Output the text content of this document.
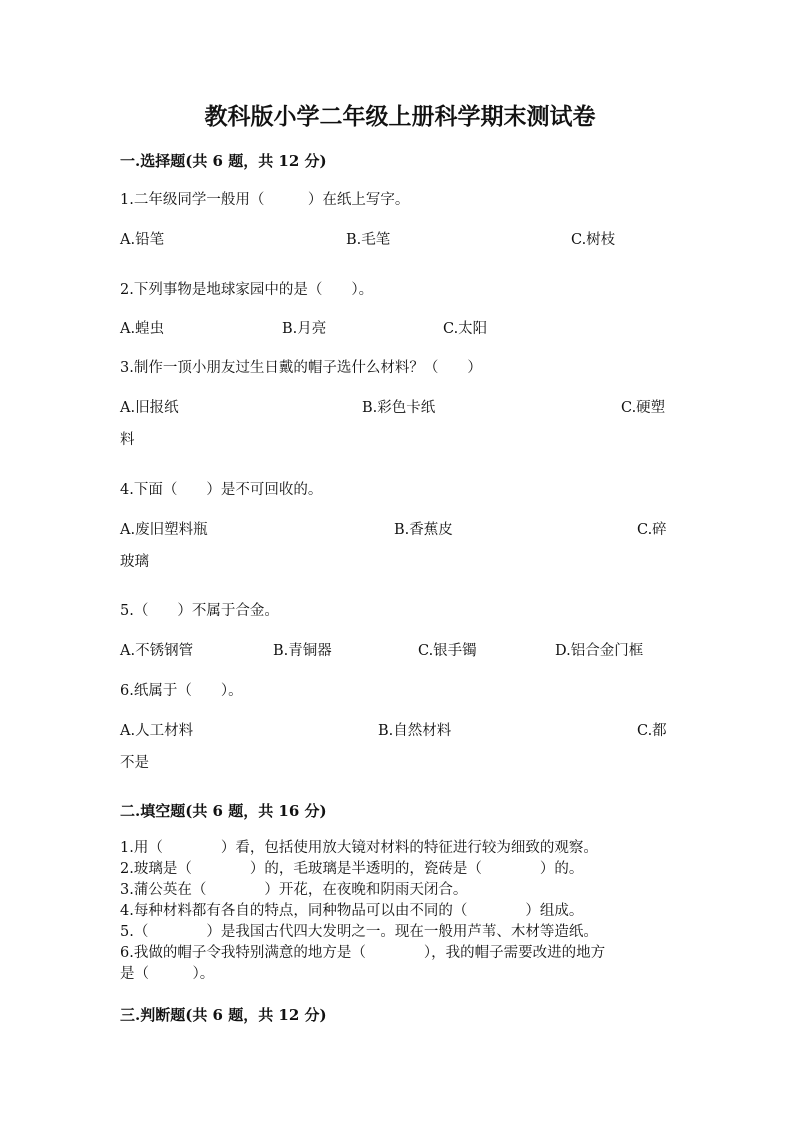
教科版小学二年级上册科学期末测试卷
一.选择题(共 6 题，共 12 分)
1.二年级同学一般用（　　　）在纸上写字。
A.铅笔	B.毛笔	C.树枝
2.下列事物是地球家园中的是（　　）。
A.蝗虫	B.月亮	C.太阳
3.制作一顶小朋友过生日戴的帽子选什么材料？（　　）
A.旧报纸	B.彩色卡纸	C.硬塑
料
4.下面（　　）是不可回收的。
A.废旧塑料瓶	B.香蕉皮	C.碎
玻璃
5.（　　）不属于合金。
A.不锈钢管	B.青铜器	C.银手镯	D.铝合金门框
6.纸属于（　　）。
A.人工材料	B.自然材料	C.都
不是
二.填空题(共 6 题，共 16 分)
1.用（　　　　）看，包括使用放大镜对材料的特征进行较为细致的观察。
2.玻璃是（　　　　）的，毛玻璃是半透明的，瓷砖是（　　　　）的。
3.蒲公英在（　　　　）开花，在夜晚和阴雨天闭合。
4.每种材料都有各自的特点，同种物品可以由不同的（　　　　）组成。
5.（　　　　）是我国古代四大发明之一。现在一般用芦苇、木材等造纸。
6.我做的帽子令我特别满意的地方是（　　　　），我的帽子需要改进的地方
是（　　　）。
三.判断题(共 6 题，共 12 分)
